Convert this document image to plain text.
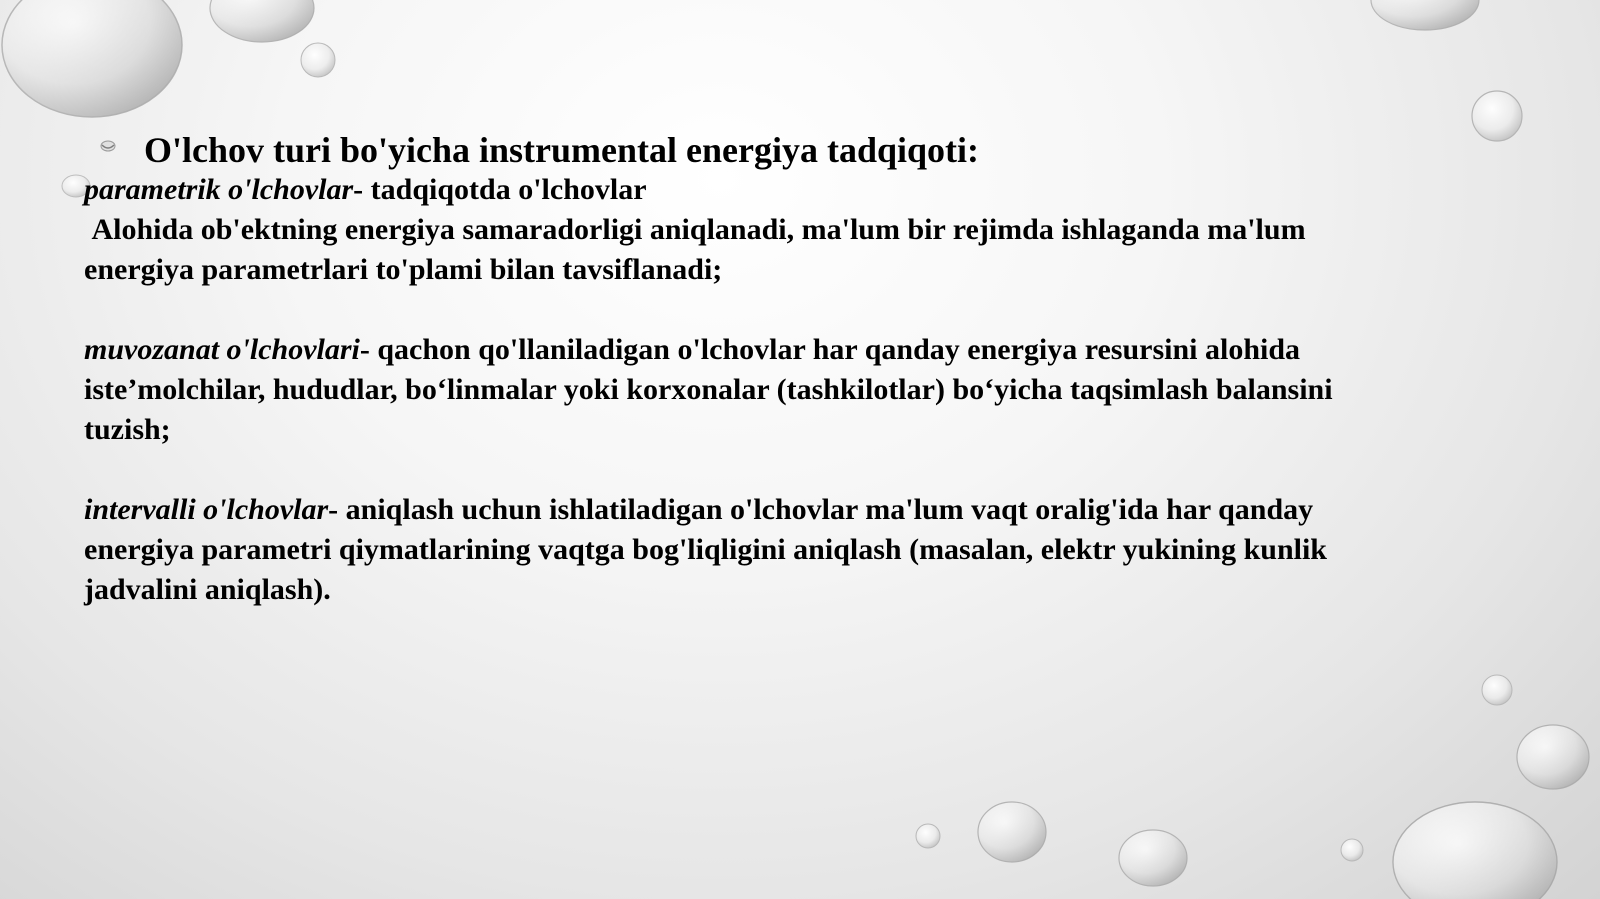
O'lchov turi bo'yicha instrumental energiya tadqiqoti:

parametrik o'lchovlar- tadqiqotda o'lchovlar
Alohida ob'ektning energiya samaradorligi aniqlanadi, ma'lum bir rejimda ishlaganda ma'lum energiya parametrlari to'plami bilan tavsiflanadi;

muvozanat o'lchovlari- qachon qo'llaniladigan o'lchovlar har qanday energiya resursini alohida iste’molchilar, hududlar, bo‘linmalar yoki korxonalar (tashkilotlar) bo‘yicha taqsimlash balansini tuzish;

intervalli o'lchovlar- aniqlash uchun ishlatiladigan o'lchovlar ma'lum vaqt oralig'ida har qanday energiya parametri qiymatlarining vaqtga bog'liqligini aniqlash (masalan, elektr yukining kunlik jadvalini aniqlash).
